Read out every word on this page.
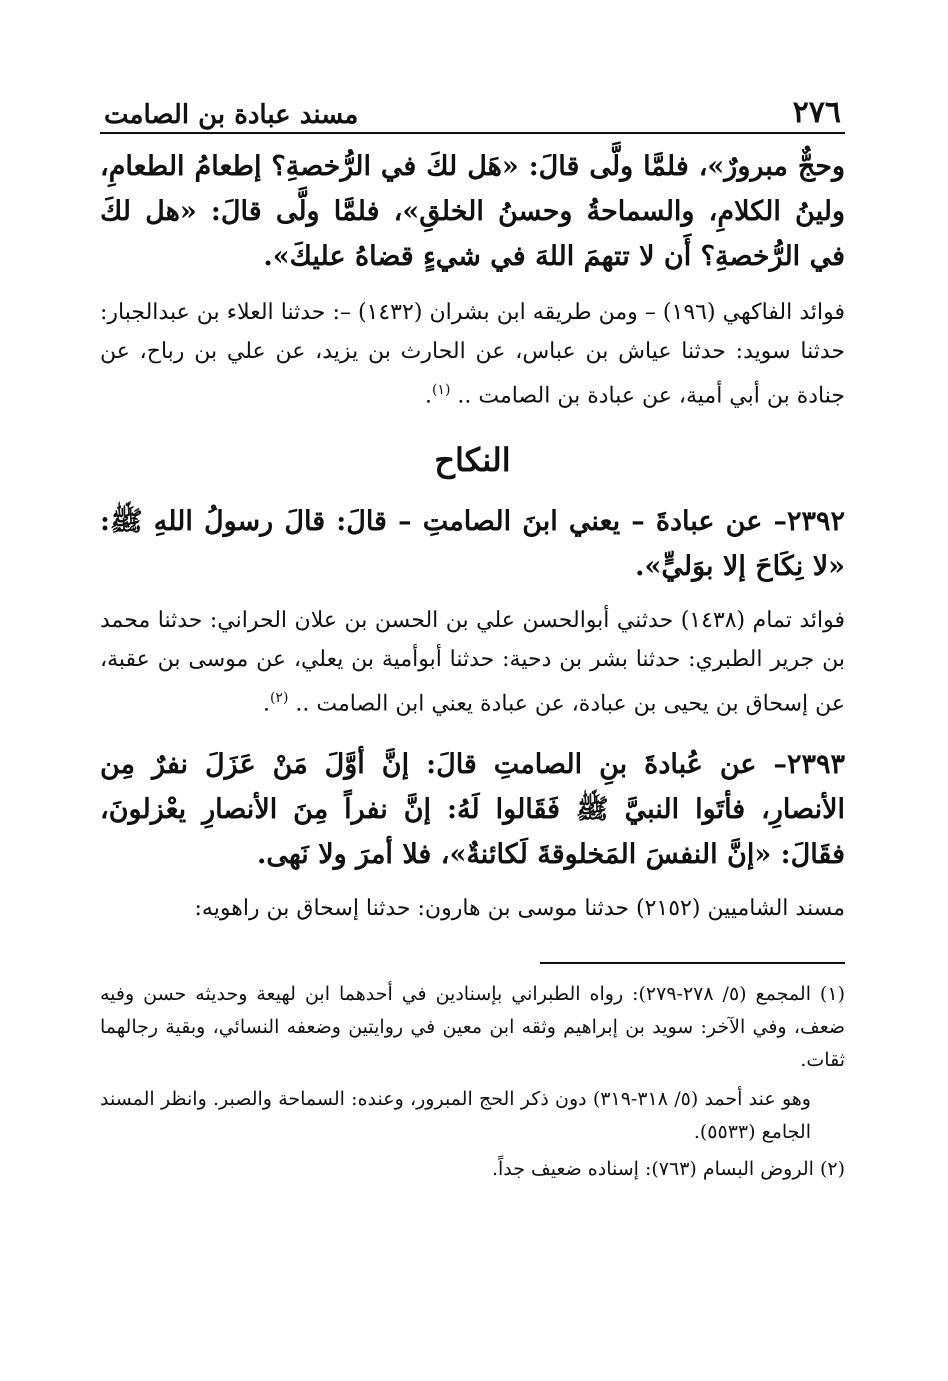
٢٧٦
مسند عبادة بن الصامت

وحجٌّ مبرورٌ»، فلمَّا ولَّى قالَ: «هَل لكَ في الرُّخصةِ؟ إطعامُ الطعامِ، ولينُ الكلامِ، والسماحةُ وحسنُ الخلقِ»، فلمَّا ولَّى قالَ: «هل لكَ في الرُّخصةِ؟ أَن لا تتهمَ اللهَ في شيءٍ قضاهُ عليكَ».

فوائد الفاكهي (١٩٦) – ومن طريقه ابن بشران (١٤٣٢) –: حدثنا العلاء بن عبدالجبار: حدثنا سويد: حدثنا عياش بن عباس، عن الحارث بن يزيد، عن علي بن رباح، عن جنادة بن أبي أمية، عن عبادة بن الصامت .. $^{(١)}$.

النكاح

٢٣٩٢– عن عبادةَ – يعني ابنَ الصامتِ – قالَ: قالَ رسولُ اللهِ ﷺ: «لا نِكَاحَ إلا بوَليٍّ».

فوائد تمام (١٤٣٨) حدثني أبوالحسن علي بن الحسن بن علان الحراني: حدثنا محمد بن جرير الطبري: حدثنا بشر بن دحية: حدثنا أبوأمية بن يعلي، عن موسى بن عقبة، عن إسحاق بن يحيى بن عبادة، عن عبادة يعني ابن الصامت .. $^{(٢)}$.

٢٣٩٣– عن عُبادةَ بنِ الصامتِ قالَ: إنَّ أوَّلَ مَنْ عَزَلَ نفرٌ مِن الأنصارِ، فأتَوا النبيَّ ﷺ فَقَالوا لَهُ: إنَّ نفراً مِنَ الأنصارِ يعْزلونَ، فقَالَ: «إنَّ النفسَ المَخلوقةَ لَكائنةٌ»، فلا أمرَ ولا نَهى.

مسند الشاميين (٢١٥٢) حدثنا موسى بن هارون: حدثنا إسحاق بن راهويه:

(١) المجمع (٥/ ٢٧٨-٢٧٩): رواه الطبراني بإسنادين في أحدهما ابن لهيعة وحديثه حسن وفيه ضعف، وفي الآخر: سويد بن إبراهيم وثقه ابن معين في روايتين وضعفه النسائي، وبقية رجالهما ثقات.

وهو عند أحمد (٥/ ٣١٨-٣١٩) دون ذكر الحج المبرور، وعنده: السماحة والصبر. وانظر المسند الجامع (٥٥٣٣).

(٢) الروض البسام (٧٦٣): إسناده ضعيف جداً.
